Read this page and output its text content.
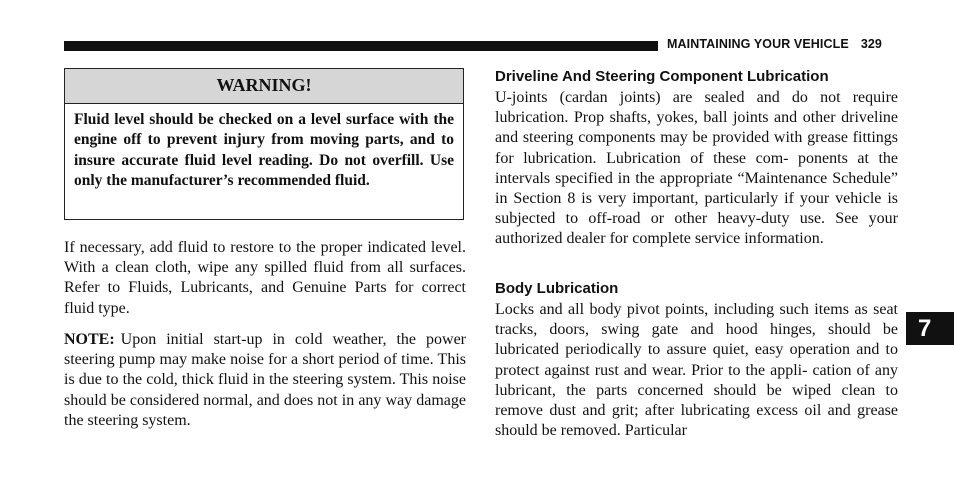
MAINTAINING YOUR VEHICLE 329
WARNING!
Fluid level should be checked on a level surface with the engine off to prevent injury from moving parts, and to insure accurate fluid level reading. Do not overfill. Use only the manufacturer’s recommended fluid.
If necessary, add fluid to restore to the proper indicated level. With a clean cloth, wipe any spilled fluid from all surfaces. Refer to Fluids, Lubricants, and Genuine Parts for correct fluid type.
NOTE: Upon initial start-up in cold weather, the power steering pump may make noise for a short period of time. This is due to the cold, thick fluid in the steering system. This noise should be considered normal, and does not in any way damage the steering system.
Driveline And Steering Component Lubrication
U-joints (cardan joints) are sealed and do not require lubrication. Prop shafts, yokes, ball joints and other driveline and steering components may be provided with grease fittings for lubrication. Lubrication of these com- ponents at the intervals specified in the appropriate “Maintenance Schedule” in Section 8 is very important, particularly if your vehicle is subjected to off-road or other heavy-duty use. See your authorized dealer for complete service information.
Body Lubrication
Locks and all body pivot points, including such items as seat tracks, doors, swing gate and hood hinges, should be lubricated periodically to assure quiet, easy operation and to protect against rust and wear. Prior to the appli- cation of any lubricant, the parts concerned should be wiped clean to remove dust and grit; after lubricating excess oil and grease should be removed. Particular
7
